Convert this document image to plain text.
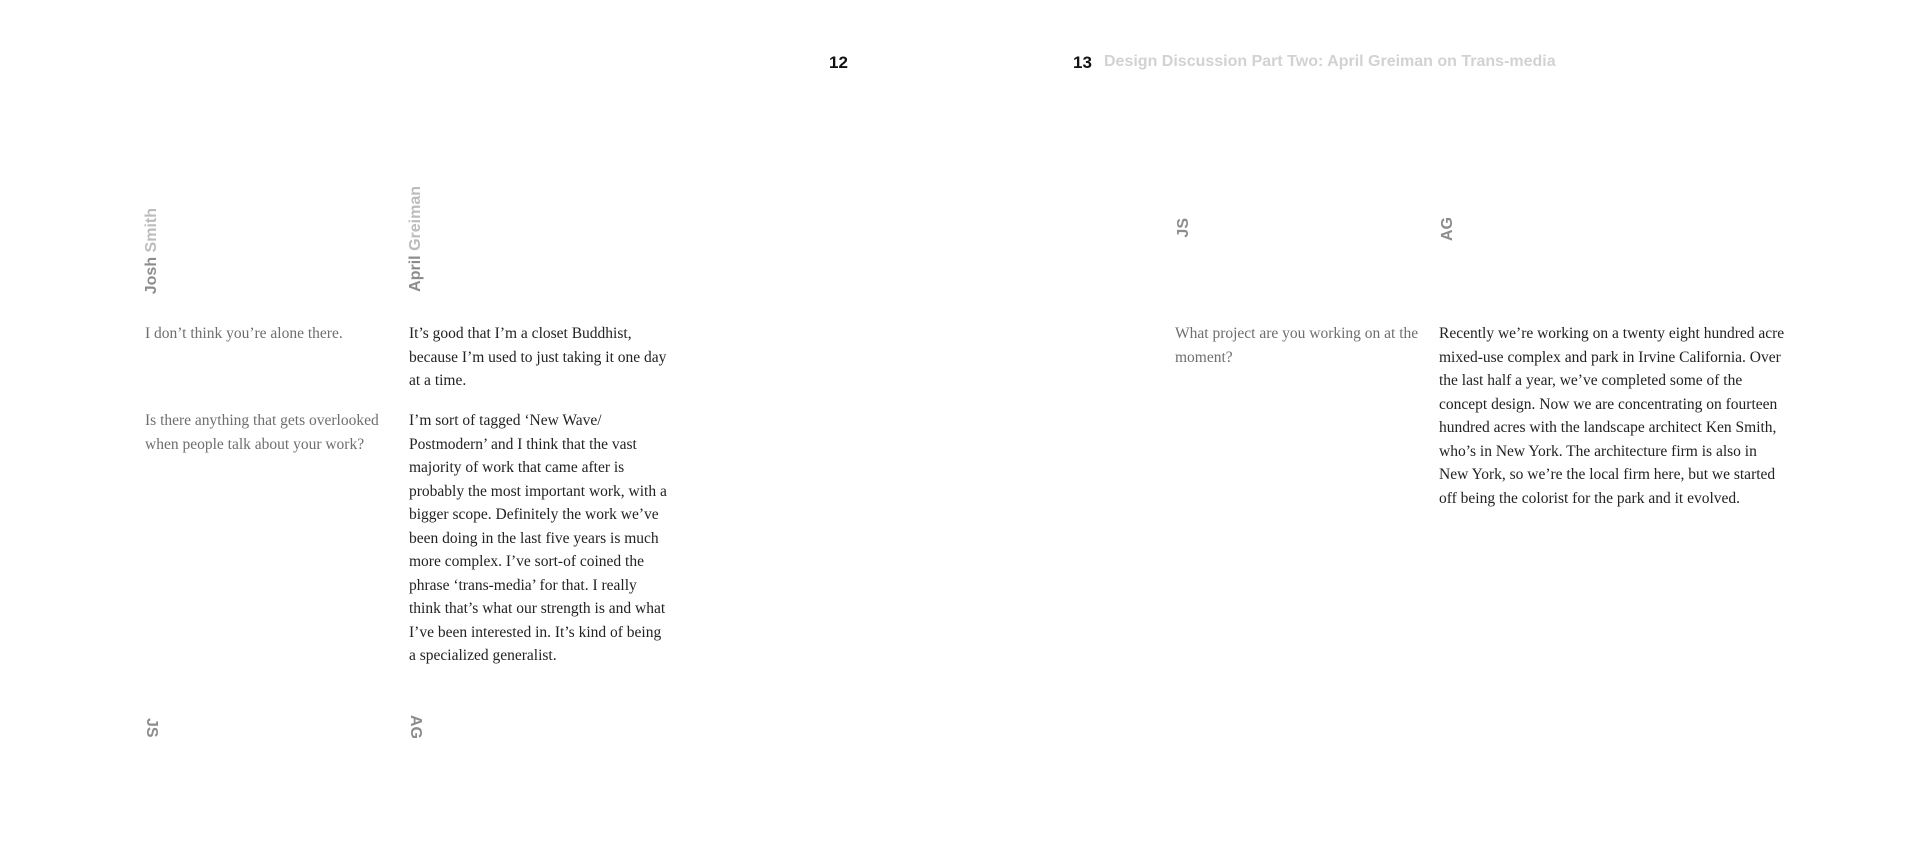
12
Josh Smith
April Greiman

I don’t think you’re alone there.

Is there anything that gets overlooked when people talk about your work?

It’s good that I’m a closet Buddhist, because I’m used to just taking it one day at a time.

I’m sort of tagged ‘New Wave/ Postmodern’ and I think that the vast majority of work that came after is probably the most important work, with a bigger scope. Definitely the work we’ve been doing in the last five years is much more complex. I’ve sort-of coined the phrase ‘trans-media’ for that. I really think that’s what our strength is and what I’ve been interested in. It’s kind of being a specialized generalist.

JS	AG
13 Design Discussion Part Two: April Greiman on Trans-media
JS	AG

What project are you working on at the moment?

Recently we’re working on a twenty eight hundred acre mixed-use complex and park in Irvine California. Over the last half a year, we’ve completed some of the concept design. Now we are concentrating on fourteen hundred acres with the landscape architect Ken Smith, who’s in New York. The architecture firm is also in New York, so we’re the local firm here, but we started off being the colorist for the park and it evolved.
